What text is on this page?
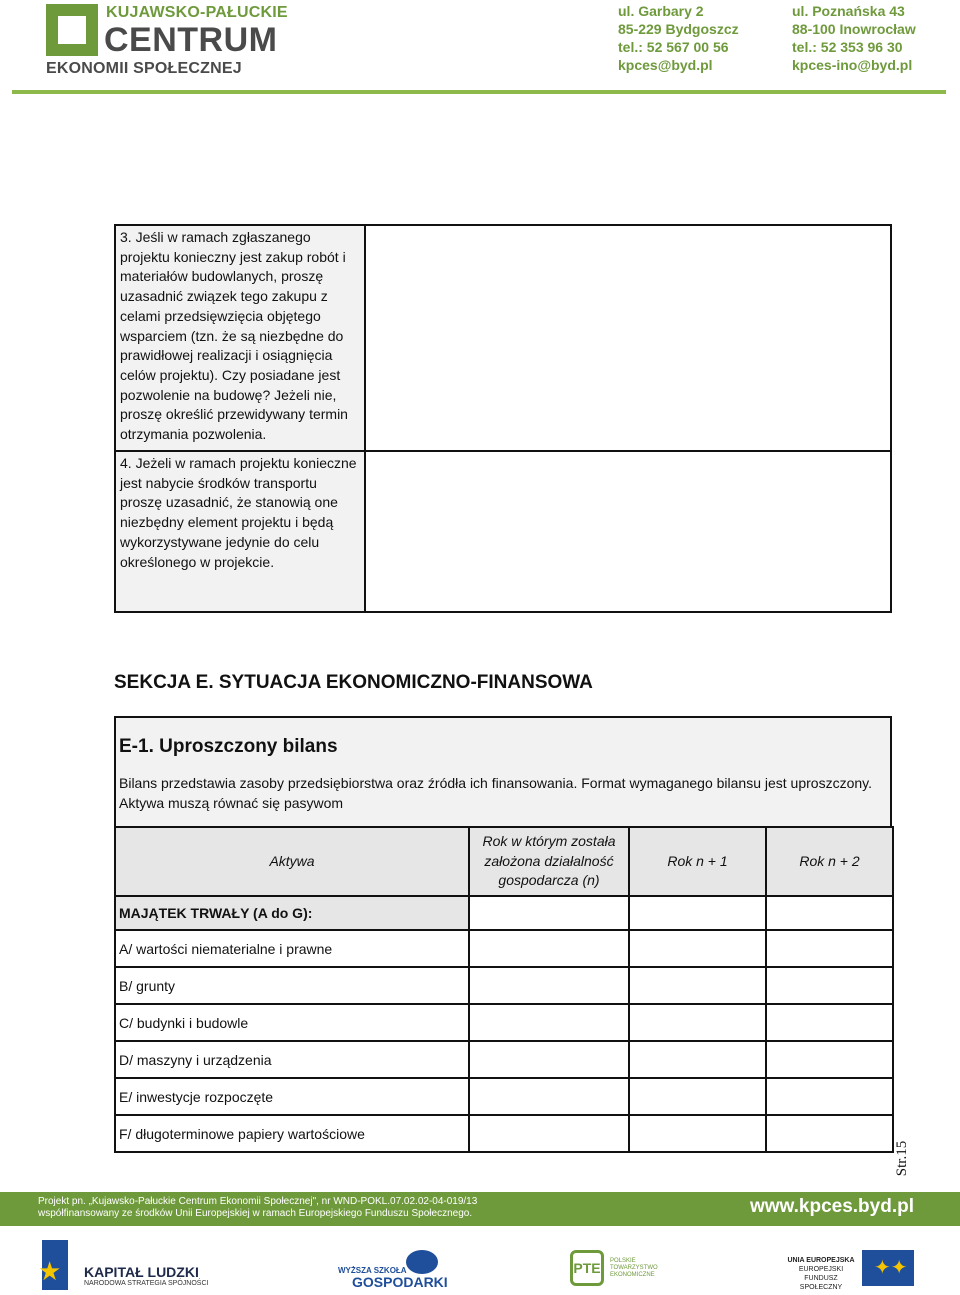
KUJAWSKO-PAŁUCKIE
CENTRUM
EKONOMII SPOŁECZNEJ
ul. Garbary 2
85-229 Bydgoszcz
tel.: 52 567 00 56
kpces@byd.pl
ul. Poznańska 43
88-100 Inowrocław
tel.: 52 353 96 30
kpces-ino@byd.pl
3. Jeśli w ramach zgłaszanego projektu konieczny jest zakup robót i materiałów budowlanych, proszę uzasadnić związek tego zakupu z celami przedsięwzięcia objętego wsparciem (tzn. że są niezbędne do prawidłowej realizacji i osiągnięcia celów projektu). Czy posiadane jest pozwolenie na budowę? Jeżeli nie, proszę określić przewidywany termin otrzymania pozwolenia.
4. Jeżeli w ramach projektu konieczne jest nabycie środków transportu proszę uzasadnić, że stanowią one niezbędny element projektu i będą wykorzystywane jedynie do celu określonego w projekcie.
SEKCJA E. SYTUACJA EKONOMICZNO-FINANSOWA
E-1. Uproszczony bilans
Bilans przedstawia zasoby przedsiębiorstwa oraz źródła ich finansowania. Format wymaganego bilansu jest uproszczony. Aktywa muszą równać się pasywom
Aktywa	Rok w którym została założona działalność gospodarcza (n)	Rok n + 1	Rok n + 2
MAJĄTEK TRWAŁY (A do G):			
A/ wartości niematerialne i prawne			
B/ grunty			
C/ budynki i budowle			
D/ maszyny i urządzenia			
E/ inwestycje rozpoczęte			
F/ długoterminowe papiery wartościowe			
Str.15
Projekt pn. „Kujawsko-Pałuckie Centrum Ekonomii Społecznej", nr WND-POKL.07.02.02-04-019/13
współfinansowany ze środków Unii Europejskiej w ramach Europejskiego Funduszu Społecznego.	www.kpces.byd.pl
★ KAPITAŁ LUDZKI
NARODOWA STRATEGIA SPÓJNOŚCI
WYŻSZA SZKOŁA
GOSPODARKI
PTE	POLSKIE
TOWARZYSTWO
EKONOMICZNE
UNIA EUROPEJSKA
EUROPEJSKI
FUNDUSZ SPOŁECZNY
✦✦
